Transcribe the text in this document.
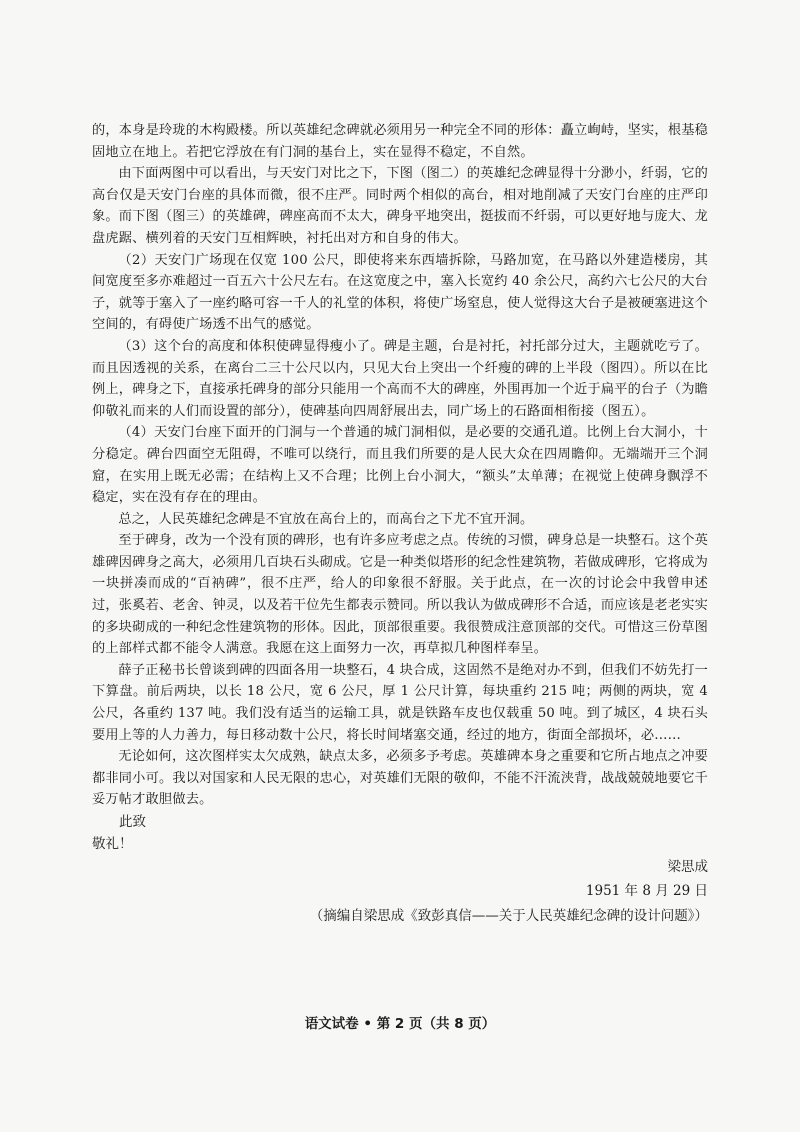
的，本身是玲珑的木构殿楼。所以英雄纪念碑就必须用另一种完全不同的形体：矗立峋峙，坚实，根基稳固地立在地上。若把它浮放在有门洞的基台上，实在显得不稳定，不自然。

由下面两图中可以看出，与天安门对比之下，下图（图二）的英雄纪念碑显得十分渺小，纤弱，它的高台仅是天安门台座的具体而微，很不庄严。同时两个相似的高台，相对地削减了天安门台座的庄严印象。而下图（图三）的英雄碑，碑座高而不太大，碑身平地突出，挺拔而不纤弱，可以更好地与庞大、龙盘虎踞、横列着的天安门互相辉映，衬托出对方和自身的伟大。

（2）天安门广场现在仅宽 100 公尺，即使将来东西墙拆除，马路加宽，在马路以外建造楼房，其间宽度至多亦难超过一百五六十公尺左右。在这宽度之中，塞入长宽约 40 余公尺，高约六七公尺的大台子，就等于塞入了一座约略可容一千人的礼堂的体积，将使广场窒息，使人觉得这大台子是被硬塞进这个空间的，有碍使广场透不出气的感觉。

（3）这个台的高度和体积使碑显得瘦小了。碑是主题，台是衬托，衬托部分过大，主题就吃亏了。而且因透视的关系，在离台二三十公尺以内，只见大台上突出一个纤瘦的碑的上半段（图四）。所以在比例上，碑身之下，直接承托碑身的部分只能用一个高而不大的碑座，外围再加一个近于扁平的台子（为瞻仰敬礼而来的人们而设置的部分），使碑基向四周舒展出去，同广场上的石路面相衔接（图五）。

（4）天安门台座下面开的门洞与一个普通的城门洞相似，是必要的交通孔道。比例上台大洞小，十分稳定。碑台四面空无阻碍，不唯可以绕行，而且我们所要的是人民大众在四周瞻仰。无端端开三个洞窟，在实用上既无必需；在结构上又不合理；比例上台小洞大，“额头”太单薄；在视觉上使碑身飘浮不稳定，实在没有存在的理由。

总之，人民英雄纪念碑是不宜放在高台上的，而高台之下尤不宜开洞。

至于碑身，改为一个没有顶的碑形，也有许多应考虑之点。传统的习惯，碑身总是一块整石。这个英雄碑因碑身之高大，必须用几百块石头砌成。它是一种类似塔形的纪念性建筑物，若做成碑形，它将成为一块拼凑而成的“百衲碑”，很不庄严，给人的印象很不舒服。关于此点，在一次的讨论会中我曾申述过，张奚若、老舍、钟灵，以及若干位先生都表示赞同。所以我认为做成碑形不合适，而应该是老老实实的多块砌成的一种纪念性建筑物的形体。因此，顶部很重要。我很赞成注意顶部的交代。可惜这三份草图的上部样式都不能令人满意。我愿在这上面努力一次，再草拟几种图样奉呈。

薛子正秘书长曾谈到碑的四面各用一块整石，4 块合成，这固然不是绝对办不到，但我们不妨先打一下算盘。前后两块，以长 18 公尺，宽 6 公尺，厚 1 公尺计算，每块重约 215 吨；两侧的两块，宽 4 公尺，各重约 137 吨。我们没有适当的运输工具，就是铁路车皮也仅载重 50 吨。到了城区，4 块石头要用上等的人力善力，每日移动数十公尺，将长时间堵塞交通，经过的地方，街面全部损坏，必……

无论如何，这次图样实太欠成熟，缺点太多，必须多予考虑。英雄碑本身之重要和它所占地点之冲要都非同小可。我以对国家和人民无限的忠心，对英雄们无限的敬仰，不能不汗流浃背，战战兢兢地要它千妥万帖才敢胆做去。

此致

敬礼！

梁思成

1951 年 8 月 29 日

（摘编自梁思成《致彭真信——关于人民英雄纪念碑的设计问题》）

语文试卷 • 第 2 页（共 8 页）
